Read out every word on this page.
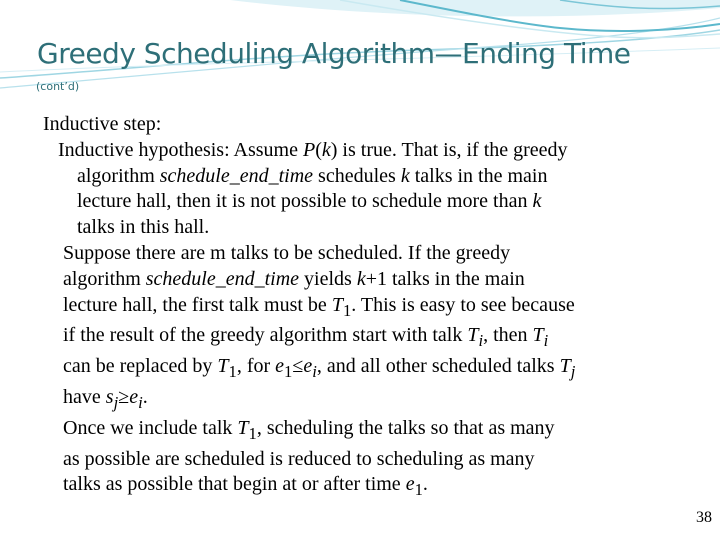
Greedy Scheduling Algorithm—Ending Time
(cont’d)
Inductive step:
Inductive hypothesis: Assume P(k) is true. That is, if the greedy
algorithm schedule_end_time schedules k talks in the main
lecture hall, then it is not possible to schedule more than k
talks in this hall.
Suppose there are m talks to be scheduled. If the greedy
algorithm schedule_end_time yields k+1 talks in the main
lecture hall, the first talk must be $T_1$. This is easy to see because
if the result of the greedy algorithm start with talk $T_i$, then $T_i$
can be replaced by $T_1$, for $e_1\le e_i$, and all other scheduled talks $T_j$
have $s_j\ge e_i$.
Once we include talk $T_1$, scheduling the talks so that as many
as possible are scheduled is reduced to scheduling as many
talks as possible that begin at or after time $e_1$.
38
